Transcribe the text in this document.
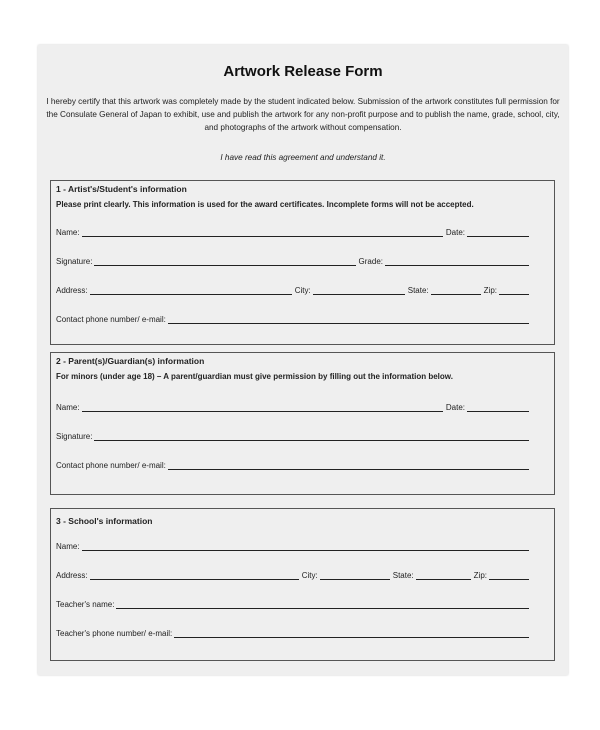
Artwork Release Form
I hereby certify that this artwork was completely made by the student indicated below. Submission of the artwork constitutes full permission for the Consulate General of Japan to exhibit, use and publish the artwork for any non-profit purpose and to publish the name, grade, school, city, and photographs of the artwork without compensation.
I have read this agreement and understand it.
1 - Artist's/Student's information
Please print clearly. This information is used for the award certificates. Incomplete forms will not be accepted.
Name:	Date:
Signature:	Grade:
Address:	City:	State:	Zip:
Contact phone number/ e-mail:
2 - Parent(s)/Guardian(s) information
For minors (under age 18) – A parent/guardian must give permission by filling out the information below.
Name:	Date:
Signature:
Contact phone number/ e-mail:
3 - School's information
Name:
Address:	City:	State:	Zip:
Teacher's name:
Teacher's phone number/ e-mail:
